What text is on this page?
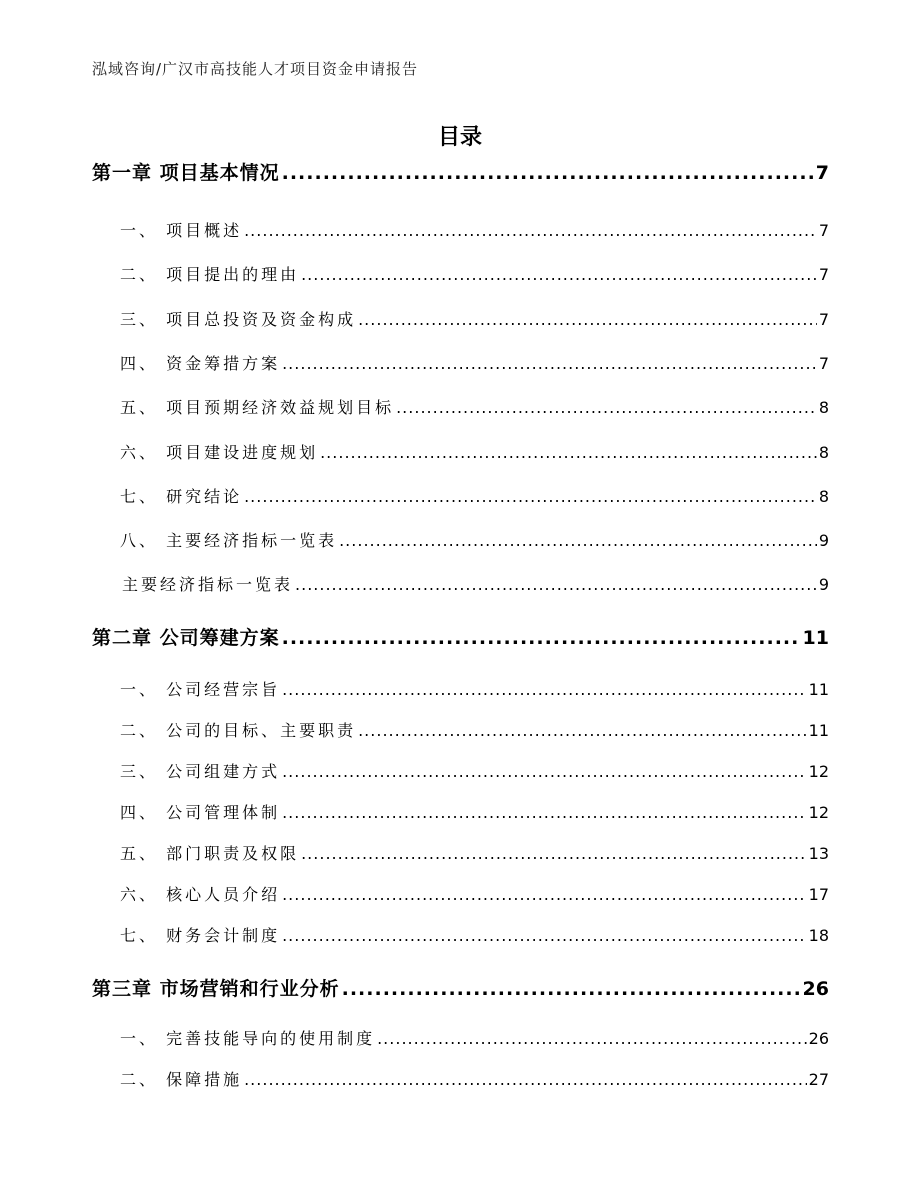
泓域咨询/广汉市高技能人才项目资金申请报告
目录
第一章 项目基本情况 .....	7
一、 项目概述 .....	7
二、 项目提出的理由 .....	7
三、 项目总投资及资金构成 .....	7
四、 资金筹措方案 .....	7
五、 项目预期经济效益规划目标 .....	8
六、 项目建设进度规划 .....	8
七、 研究结论 .....	8
八、 主要经济指标一览表 .....	9
主要经济指标一览表 .....	9
第二章 公司筹建方案 .....	11
一、 公司经营宗旨 .....	11
二、 公司的目标、主要职责 .....	11
三、 公司组建方式 .....	12
四、 公司管理体制 .....	12
五、 部门职责及权限 .....	13
六、 核心人员介绍 .....	17
七、 财务会计制度 .....	18
第三章 市场营销和行业分析 .....	26
一、 完善技能导向的使用制度 .....	26
二、 保障措施 .....	27
